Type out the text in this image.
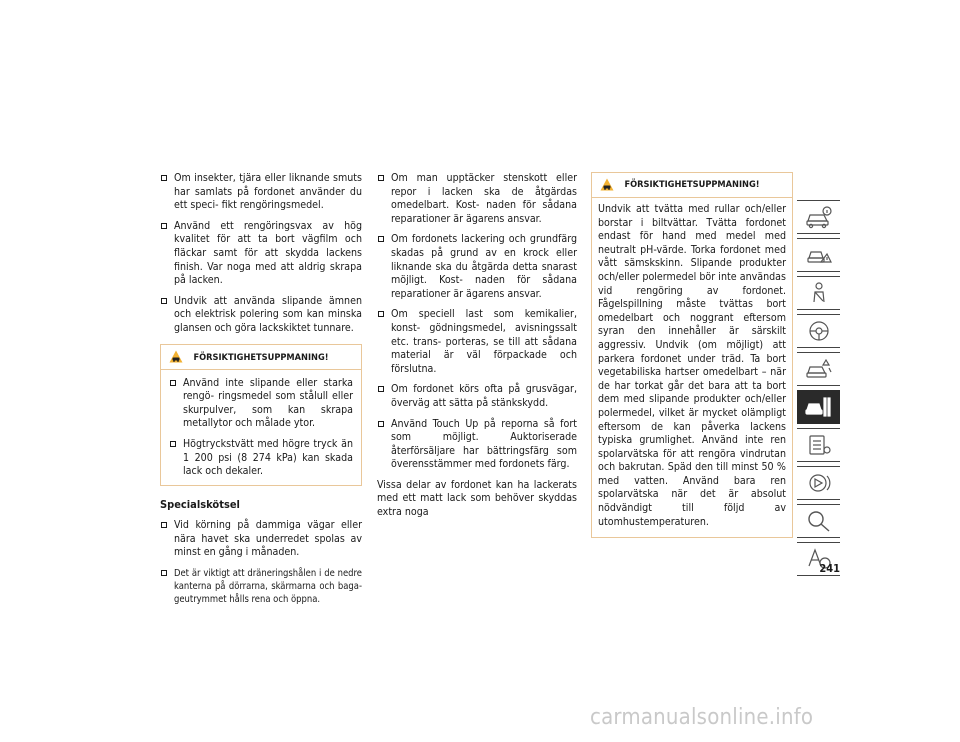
Om insekter, tjära eller liknande smuts har samlats på fordonet använder du ett speci- fikt rengöringsmedel.
Använd ett rengöringsvax av hög kvalitet för att ta bort vägfilm och fläckar samt för att skydda lackens finish. Var noga med att aldrig skrapa på lacken.
Undvik att använda slipande ämnen och elektrisk polering som kan minska glansen och göra lackskiktet tunnare.
FÖRSIKTIGHETSUPPMANING!
Använd inte slipande eller starka rengö- ringsmedel som stålull eller skurpulver, som kan skrapa metallytor och målade ytor.
Högtryckstvätt med högre tryck än 1 200 psi (8 274 kPa) kan skada lack och dekaler.
Specialskötsel
Vid körning på dammiga vägar eller nära havet ska underredet spolas av minst en gång i månaden.
Det är viktigt att dräneringshålen i de nedre kanterna på dörrarna, skärmarna och baga- geutrymmet hålls rena och öppna.
Om man upptäcker stenskott eller repor i lacken ska de åtgärdas omedelbart. Kost- naden för sådana reparationer är ägarens ansvar.
Om fordonets lackering och grundfärg skadas på grund av en krock eller liknande ska du åtgärda detta snarast möjligt. Kost- naden för sådana reparationer är ägarens ansvar.
Om speciell last som kemikalier, konst- gödningsmedel, avisningssalt etc. trans- porteras, se till att sådana material är väl förpackade och förslutna.
Om fordonet körs ofta på grusvägar, överväg att sätta på stänkskydd.
Använd Touch Up på reporna så fort som möjligt. Auktoriserade återförsäljare har bättringsfärg som överensstämmer med fordonets färg.
Vissa delar av fordonet kan ha lackerats med ett matt lack som behöver skyddas extra noga
FÖRSIKTIGHETSUPPMANING!
Undvik att tvätta med rullar och/eller borstar i biltvättar. Tvätta fordonet endast för hand med medel med neutralt pH-värde. Torka fordonet med vått sämskskinn. Slipande produkter och/eller polermedel bör inte användas vid rengöring av fordonet. Fågelspillning måste tvättas bort omedelbart och noggrant eftersom syran den innehåller är särskilt aggressiv. Undvik (om möjligt) att parkera fordonet under träd. Ta bort vegetabiliska hartser omedelbart – när de har torkat går det bara att ta bort dem med slipande produkter och/eller polermedel, vilket är mycket olämpligt eftersom de kan påverka lackens typiska grumlighet. Använd inte ren spolarvätska för att rengöra vindrutan och bakrutan. Späd den till minst 50 % med vatten. Använd bara ren spolarvätska när det är absolut nödvändigt till följd av utomhustemperaturen.
241
carmanualsonline.info
